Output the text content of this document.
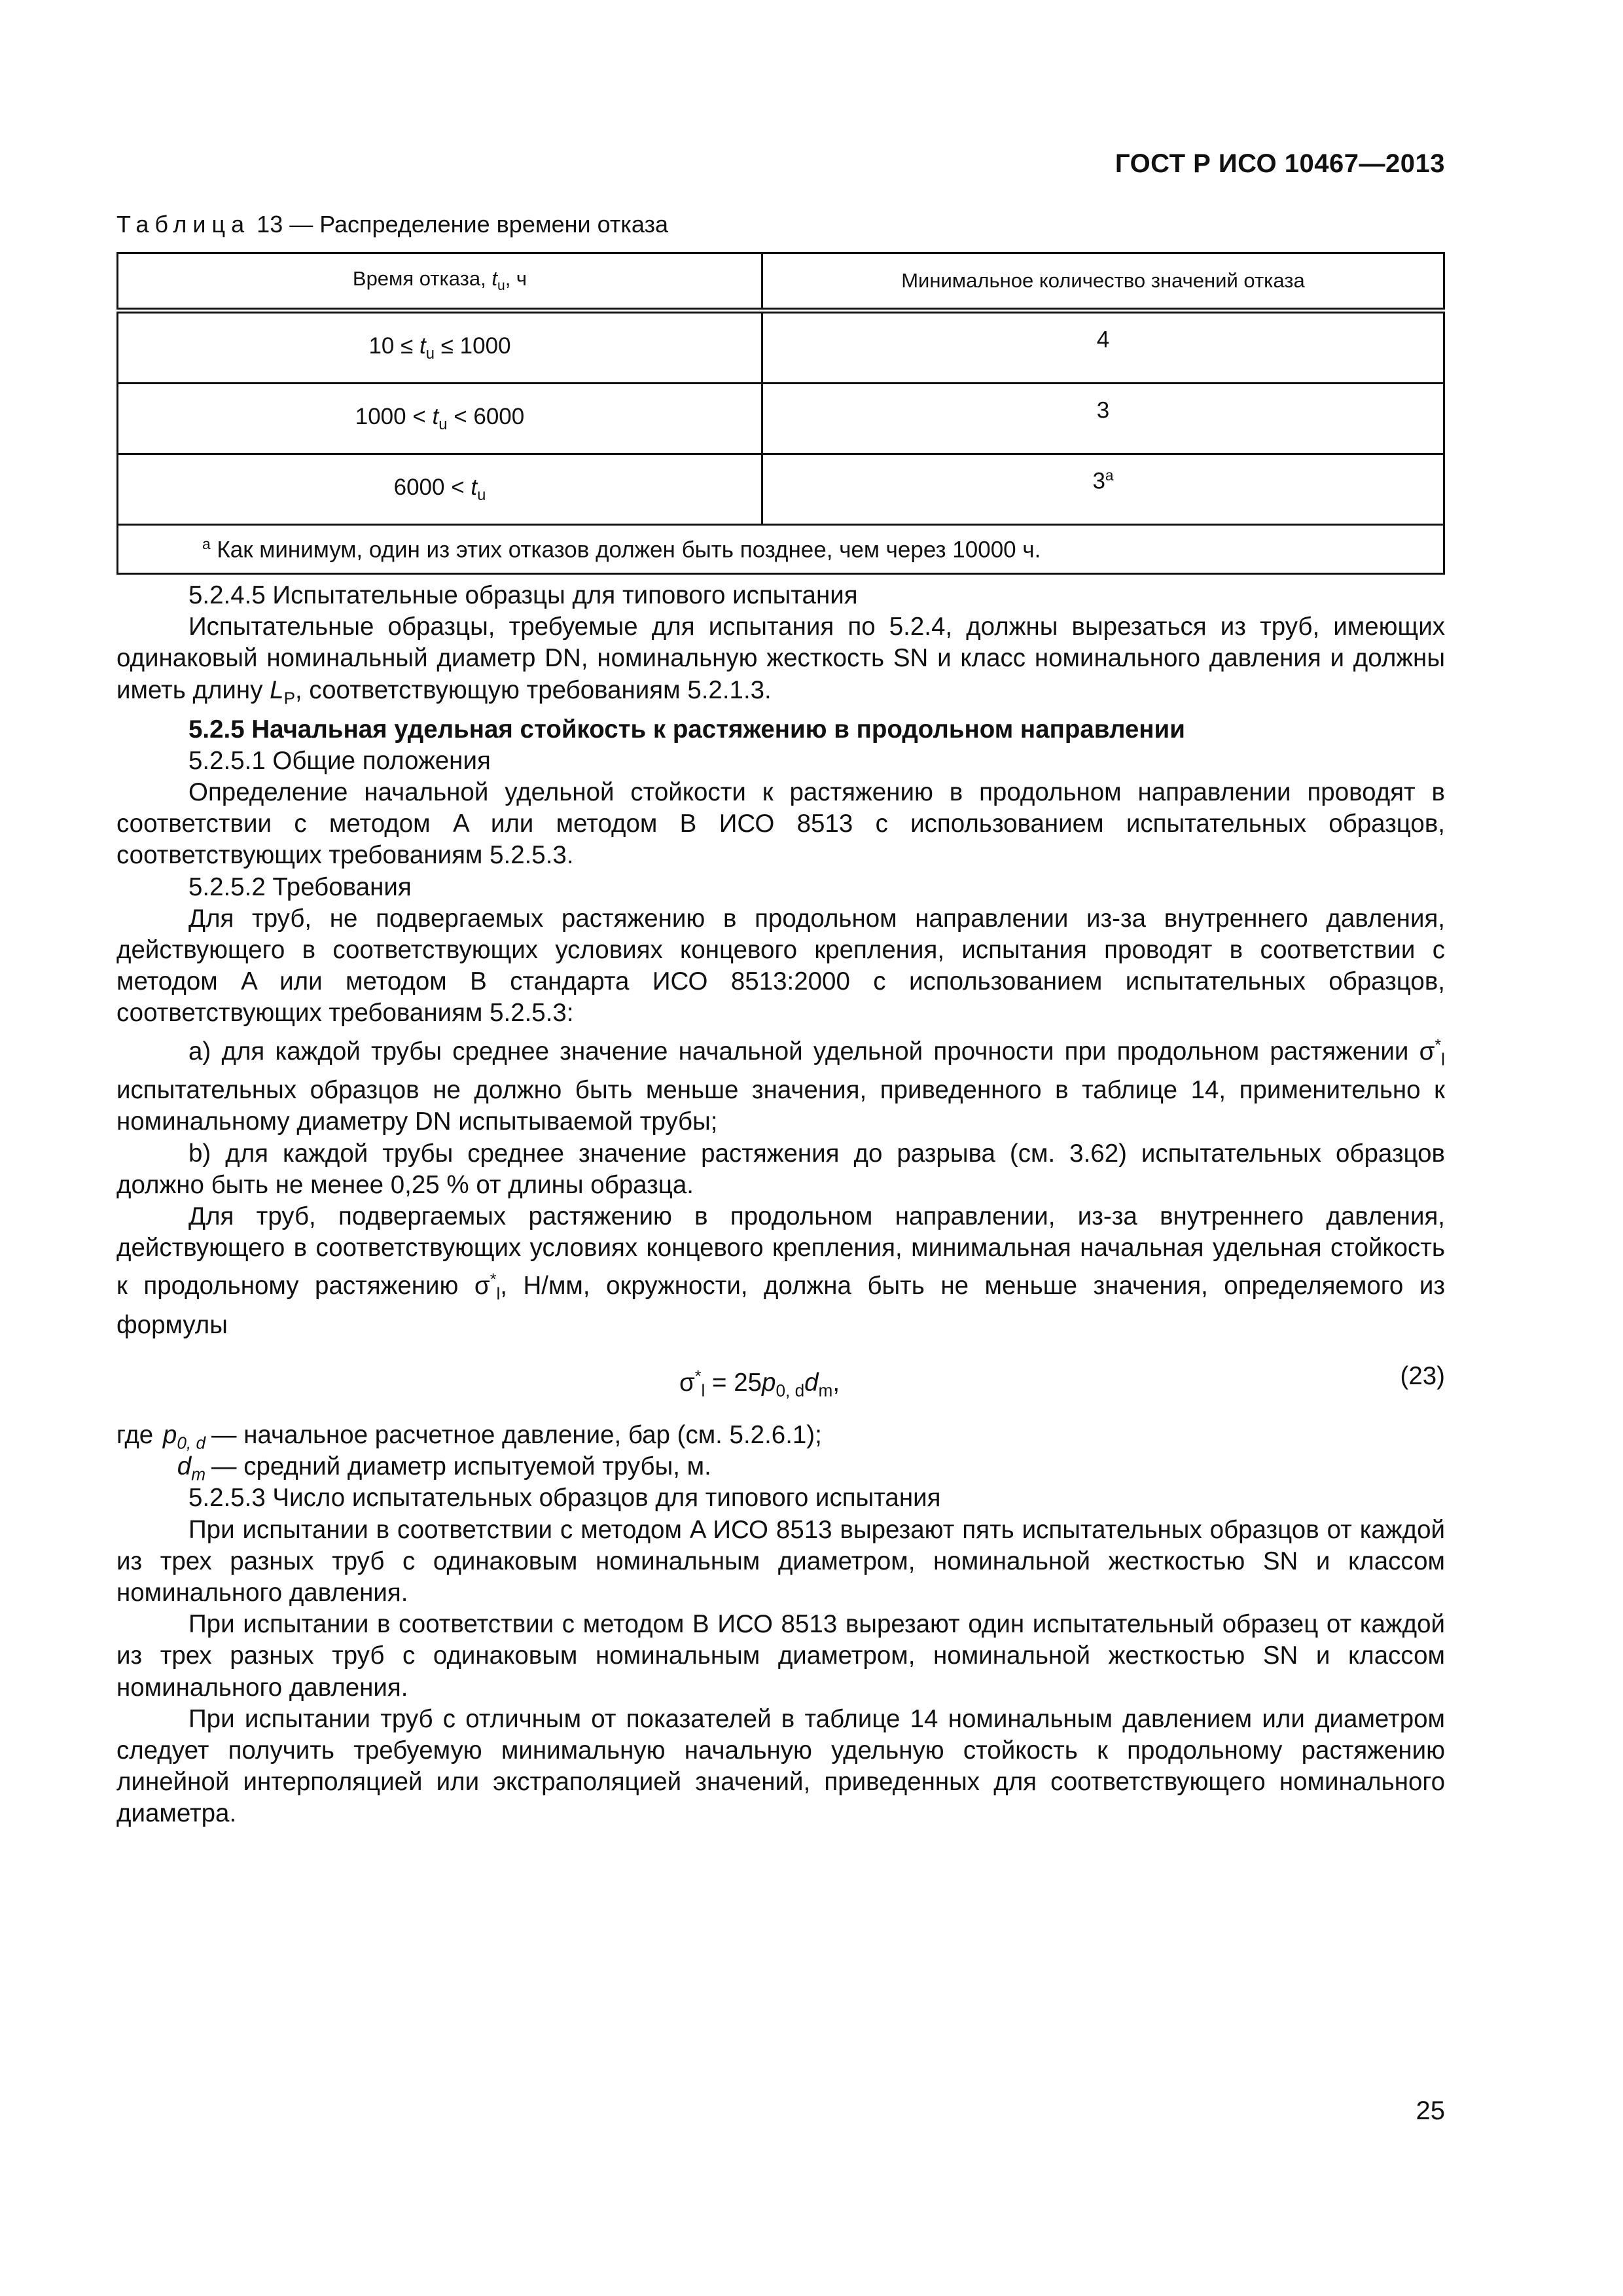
ГОСТ Р ИСО 10467—2013
Таблица 13 — Распределение времени отказа
Время отказа, $t_u$, ч	Минимальное количество значений отказа
$10 \le t_u \le 1000$	4
$1000 < t_u < 6000$	3
$6000 < t_u$	3$^a$
$^a$ Как минимум, один из этих отказов должен быть позднее, чем через 10000 ч.	

5.2.4.5 Испытательные образцы для типового испытания

Испытательные образцы, требуемые для испытания по 5.2.4, должны вырезаться из труб, имеющих одинаковый номинальный диаметр DN, номинальную жесткость SN и класс номинального давления и должны иметь длину $L_P$, соответствующую требованиям 5.2.1.3.

5.2.5 Начальная удельная стойкость к растяжению в продольном направлении

5.2.5.1 Общие положения

Определение начальной удельной стойкости к растяжению в продольном направлении проводят в соответствии с методом A или методом B ИСО 8513 с использованием испытательных образцов, соответствующих требованиям 5.2.5.3.

5.2.5.2 Требования

Для труб, не подвергаемых растяжению в продольном направлении из-за внутреннего давления, действующего в соответствующих условиях концевого крепления, испытания проводят в соответствии с методом A или методом B стандарта ИСО 8513:2000 с использованием испытательных образцов, соответствующих требованиям 5.2.5.3:

a) для каждой трубы среднее значение начальной удельной прочности при продольном растяжении $\sigma^*_l$ испытательных образцов не должно быть меньше значения, приведенного в таблице 14, применительно к номинальному диаметру DN испытываемой трубы;

b) для каждой трубы среднее значение растяжения до разрыва (см. 3.62) испытательных образцов должно быть не менее 0,25 % от длины образца.

Для труб, подвергаемых растяжению в продольном направлении, из-за внутреннего давления, действующего в соответствующих условиях концевого крепления, минимальная начальная удельная стойкость к продольному растяжению $\sigma^*_l$, Н/мм, окружности, должна быть не меньше значения, определяемого из формулы

$\sigma^*_l = 25p_{0, d}d_m$,	(23)
где $p_{0, d}$ — начальное расчетное давление, бар (см. 5.2.6.1);
$d_m$ — средний диаметр испытуемой трубы, м.

5.2.5.3 Число испытательных образцов для типового испытания

При испытании в соответствии с методом A ИСО 8513 вырезают пять испытательных образцов от каждой из трех разных труб с одинаковым номинальным диаметром, номинальной жесткостью SN и классом номинального давления.

При испытании в соответствии с методом B ИСО 8513 вырезают один испытательный образец от каждой из трех разных труб с одинаковым номинальным диаметром, номинальной жесткостью SN и классом номинального давления.

При испытании труб с отличным от показателей в таблице 14 номинальным давлением или диаметром следует получить требуемую минимальную начальную удельную стойкость к продольному растяжению линейной интерполяцией или экстраполяцией значений, приведенных для соответствующего номинального диаметра.

25
